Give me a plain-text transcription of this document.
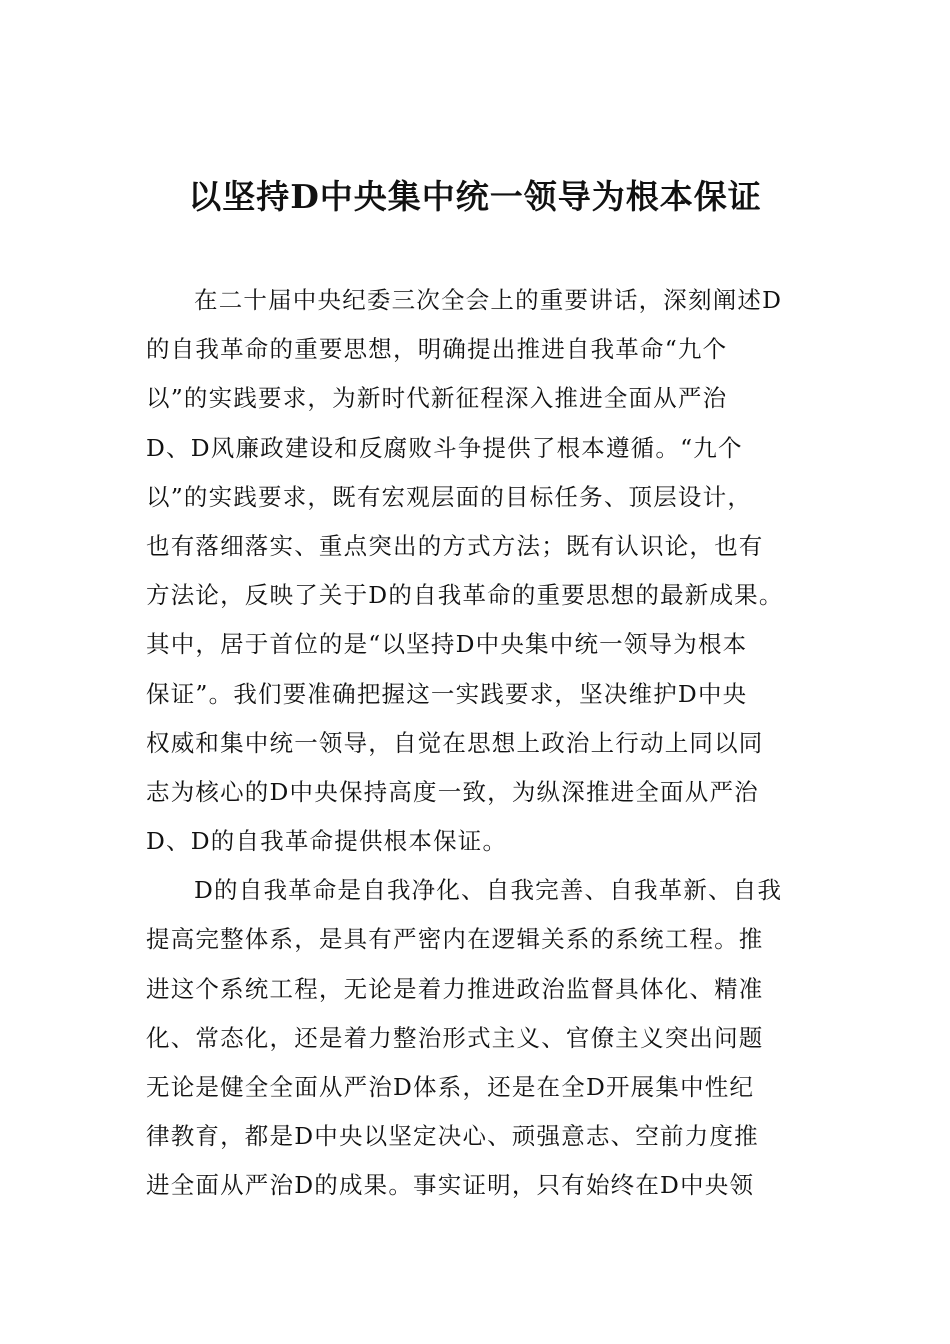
以坚持D中央集中统一领导为根本保证
在二十届中央纪委三次全会上的重要讲话，深刻阐述D
的自我革命的重要思想，明确提出推进自我革命“九个
以”的实践要求，为新时代新征程深入推进全面从严治
D、D风廉政建设和反腐败斗争提供了根本遵循。“九个
以”的实践要求，既有宏观层面的目标任务、顶层设计，
也有落细落实、重点突出的方式方法；既有认识论，也有
方法论，反映了关于D的自我革命的重要思想的最新成果。
其中，居于首位的是“以坚持D中央集中统一领导为根本
保证”。我们要准确把握这一实践要求，坚决维护D中央
权威和集中统一领导，自觉在思想上政治上行动上同以同
志为核心的D中央保持高度一致，为纵深推进全面从严治
D、D的自我革命提供根本保证。
D的自我革命是自我净化、自我完善、自我革新、自我
提高完整体系，是具有严密内在逻辑关系的系统工程。推
进这个系统工程，无论是着力推进政治监督具体化、精准
化、常态化，还是着力整治形式主义、官僚主义突出问题
无论是健全全面从严治D体系，还是在全D开展集中性纪
律教育，都是D中央以坚定决心、顽强意志、空前力度推
进全面从严治D的成果。事实证明，只有始终在D中央领
